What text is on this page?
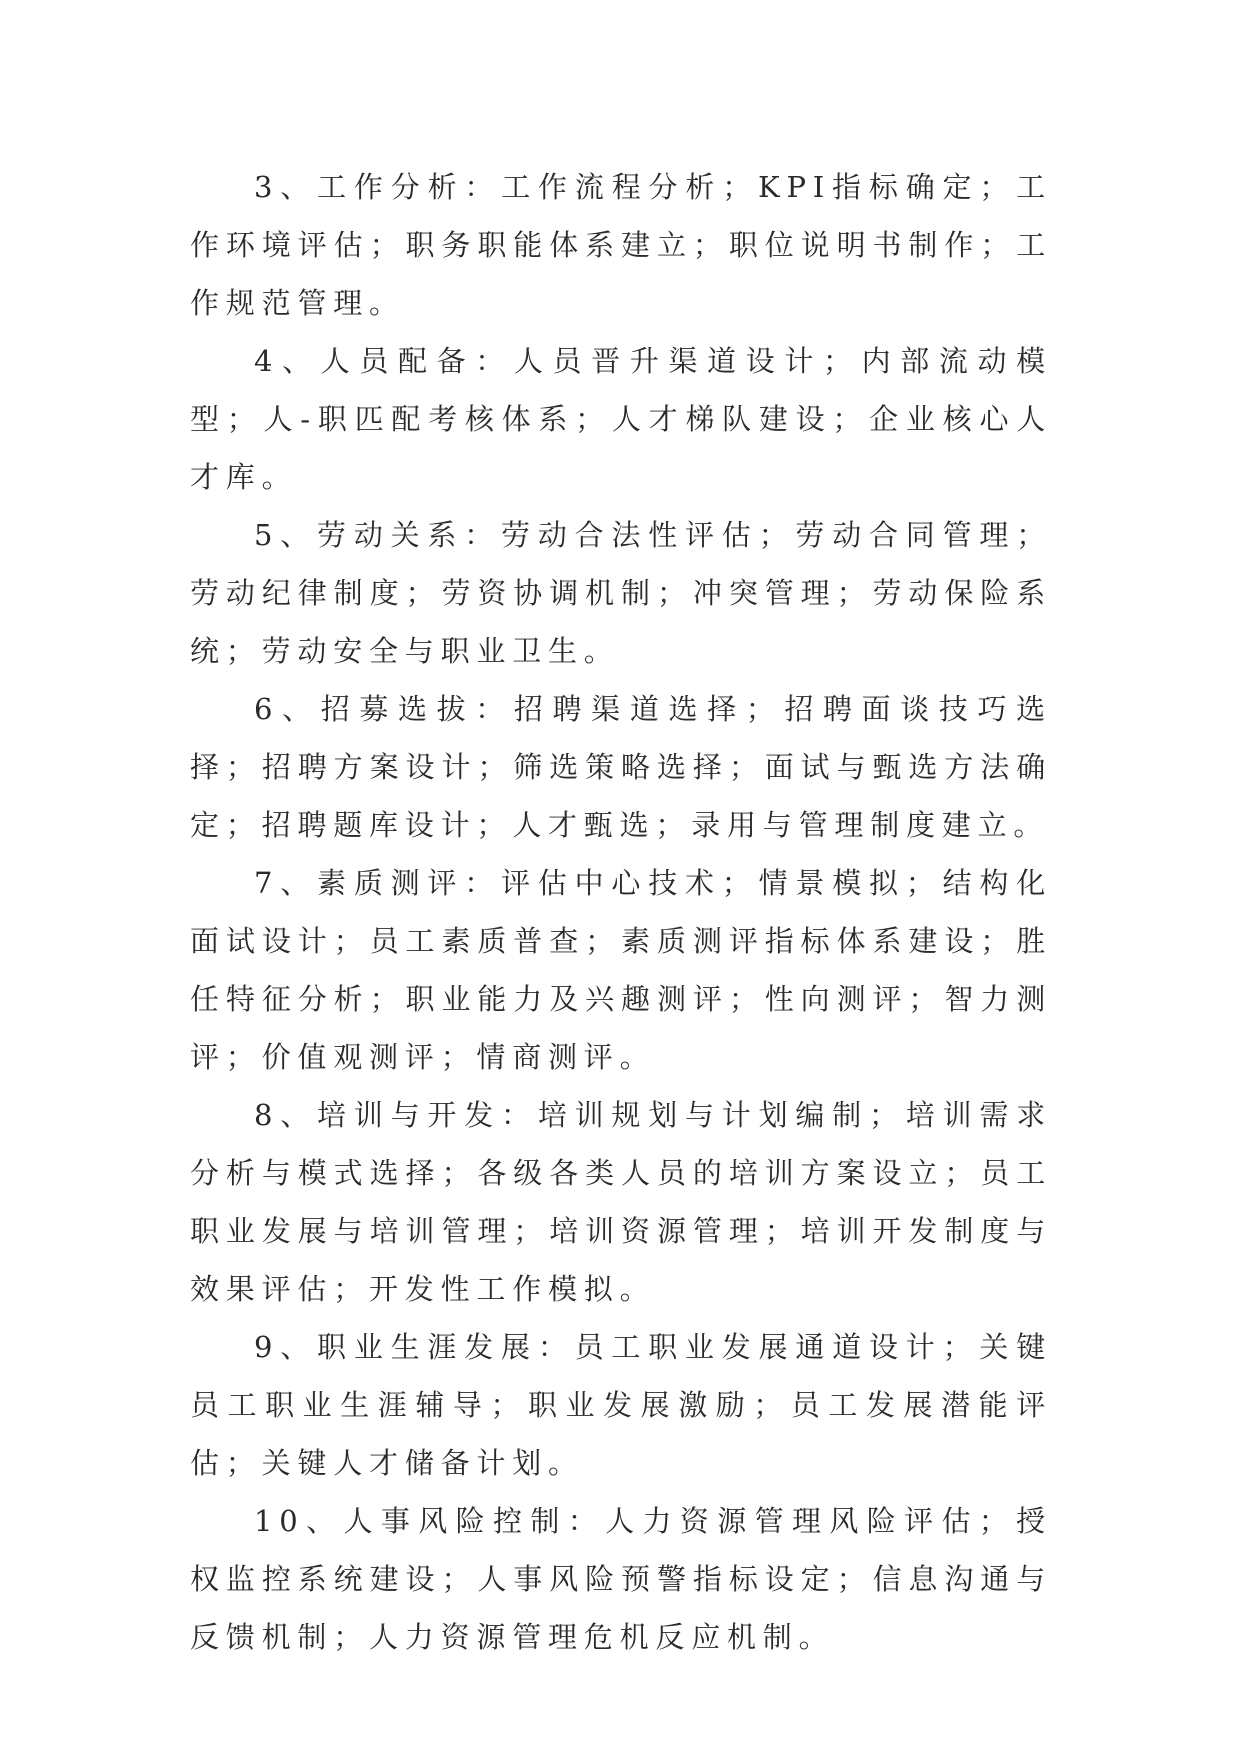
3、工作分析：工作流程分析；KPI指标确定；工作环境评估；职务职能体系建立；职位说明书制作；工作规范管理。

4、人员配备：人员晋升渠道设计；内部流动模型；人-职匹配考核体系；人才梯队建设；企业核心人才库。

5、劳动关系：劳动合法性评估；劳动合同管理；劳动纪律制度；劳资协调机制；冲突管理；劳动保险系统；劳动安全与职业卫生。

6、招募选拔：招聘渠道选择；招聘面谈技巧选择；招聘方案设计；筛选策略选择；面试与甄选方法确定；招聘题库设计；人才甄选；录用与管理制度建立。

7、素质测评：评估中心技术；情景模拟；结构化面试设计；员工素质普查；素质测评指标体系建设；胜任特征分析；职业能力及兴趣测评；性向测评；智力测评；价值观测评；情商测评。

8、培训与开发：培训规划与计划编制；培训需求分析与模式选择；各级各类人员的培训方案设立；员工职业发展与培训管理；培训资源管理；培训开发制度与效果评估；开发性工作模拟。

9、职业生涯发展：员工职业发展通道设计；关键员工职业生涯辅导；职业发展激励；员工发展潜能评估；关键人才储备计划。

10、人事风险控制：人力资源管理风险评估；授权监控系统建设；人事风险预警指标设定；信息沟通与反馈机制；人力资源管理危机反应机制。
